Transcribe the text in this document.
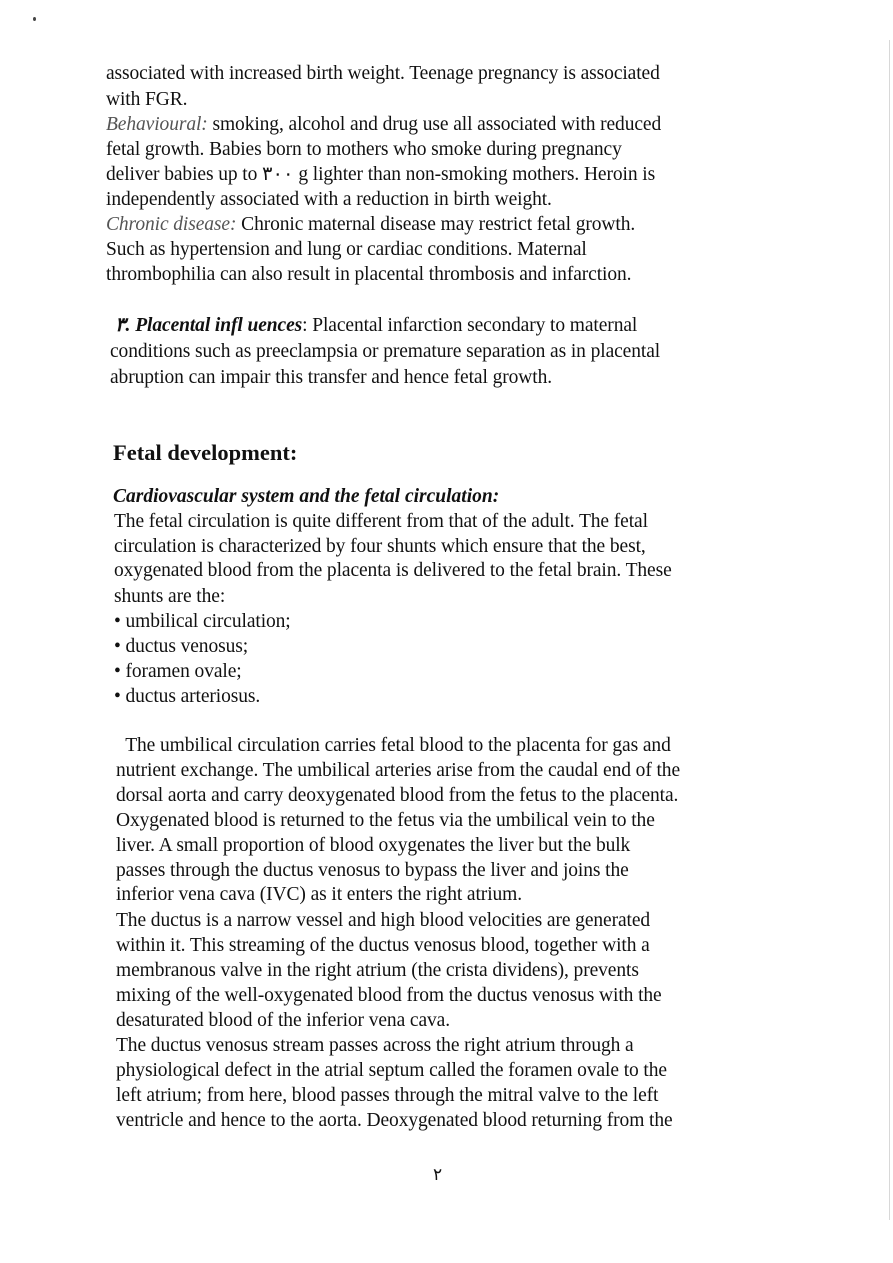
associated with increased birth weight. Teenage pregnancy is associated
with FGR.
Behavioural: smoking, alcohol and drug use all associated with reduced
fetal growth. Babies born to mothers who smoke during pregnancy
deliver babies up to ٣٠٠ g lighter than non-smoking mothers. Heroin is
independently associated with a reduction in birth weight.
Chronic disease: Chronic maternal disease may restrict fetal growth.
Such as hypertension and lung or cardiac conditions. Maternal
thrombophilia can also result in placental thrombosis and infarction.
٣. Placental infl uences: Placental infarction secondary to maternal
conditions such as preeclampsia or premature separation as in placental
abruption can impair this transfer and hence fetal growth.
Fetal development:
Cardiovascular system and the fetal circulation:
The fetal circulation is quite different from that of the adult. The fetal
circulation is characterized by four shunts which ensure that the best,
oxygenated blood from the placenta is delivered to the fetal brain. These
shunts are the:
• umbilical circulation;
• ductus venosus;
• foramen ovale;
• ductus arteriosus.
The umbilical circulation carries fetal blood to the placenta for gas and
nutrient exchange. The umbilical arteries arise from the caudal end of the
dorsal aorta and carry deoxygenated blood from the fetus to the placenta.
Oxygenated blood is returned to the fetus via the umbilical vein to the
liver. A small proportion of blood oxygenates the liver but the bulk
passes through the ductus venosus to bypass the liver and joins the
inferior vena cava (IVC) as it enters the right atrium.
The ductus is a narrow vessel and high blood velocities are generated
within it. This streaming of the ductus venosus blood, together with a
membranous valve in the right atrium (the crista dividens), prevents
mixing of the well-oxygenated blood from the ductus venosus with the
desaturated blood of the inferior vena cava.
The ductus venosus stream passes across the right atrium through a
physiological defect in the atrial septum called the foramen ovale to the
left atrium; from here, blood passes through the mitral valve to the left
ventricle and hence to the aorta. Deoxygenated blood returning from the
٢
